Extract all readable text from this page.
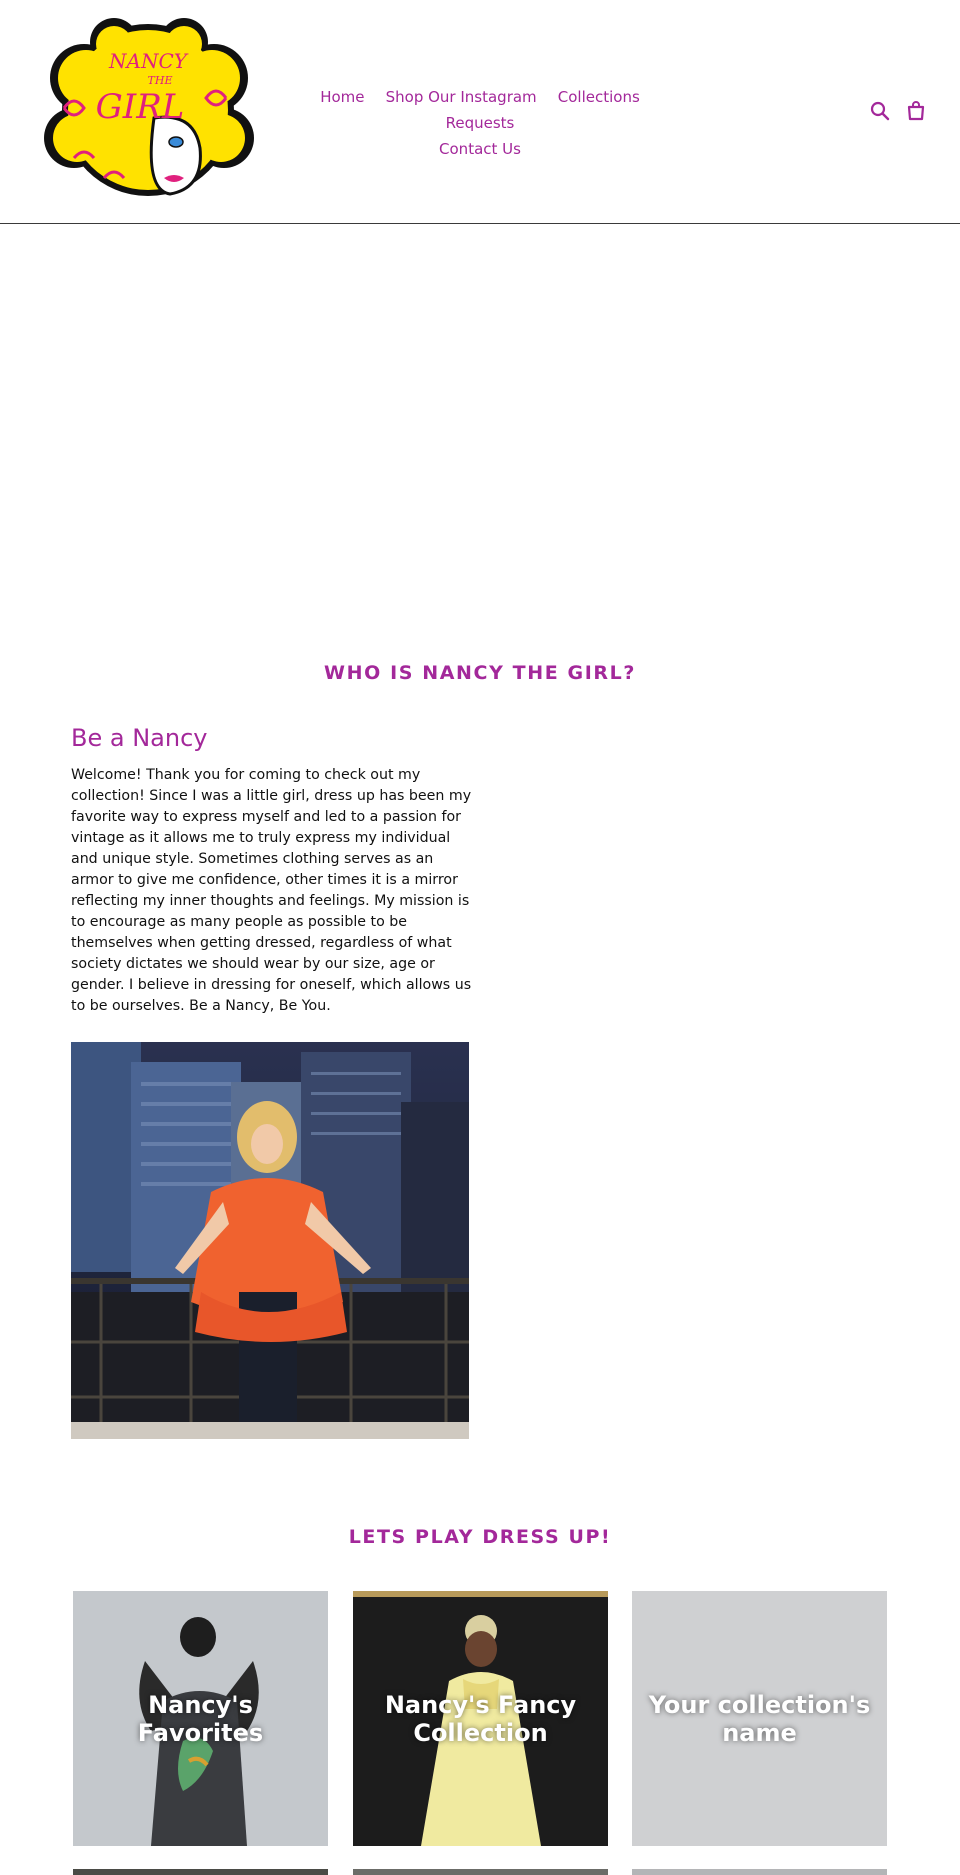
NANCY
THE
GIRL	Home Shop Our Instagram Collections Requests
Contact Us
WHO IS NANCY THE GIRL?
Be a Nancy

Welcome! Thank you for coming to check out my collection! Since I was a little girl, dress up has been my favorite way to express myself and led to a passion for vintage as it allows me to truly express my individual and unique style. Sometimes clothing serves as an armor to give me confidence, other times it is a mirror reflecting my inner thoughts and feelings. My mission is to encourage as many people as possible to be themselves when getting dressed, regardless of what society dictates we should wear by our size, age or gender. I believe in dressing for oneself, which allows us to be ourselves. Be a Nancy, Be You.

LETS PLAY DRESS UP!
Nancy's Favorites
Nancy's Fancy Collection
Your collection's name
